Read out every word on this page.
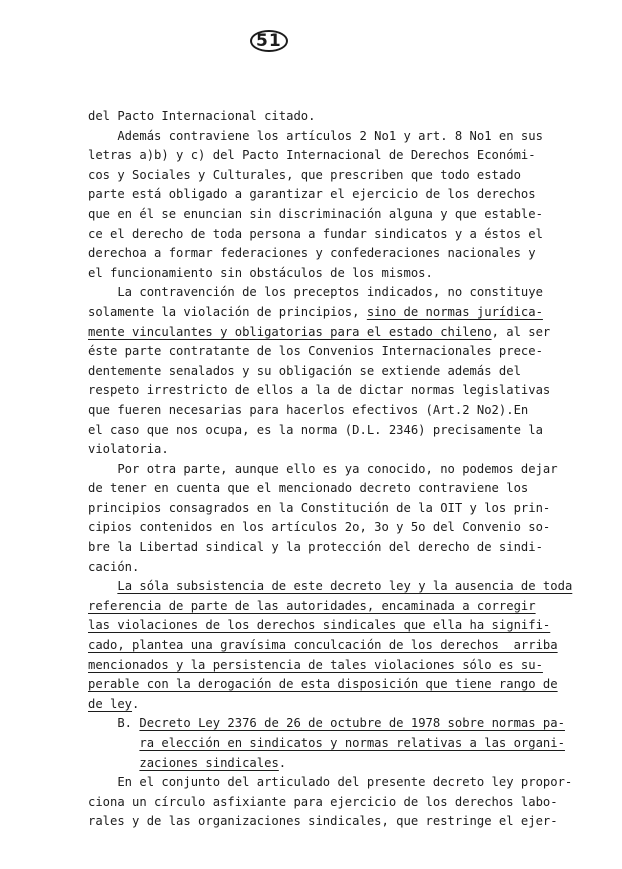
51
del Pacto Internacional citado.
Además contraviene los artículos 2 No1 y art. 8 No1 en sus
letras a)b) y c) del Pacto Internacional de Derechos Económi-
cos y Sociales y Culturales, que prescriben que todo estado
parte está obligado a garantizar el ejercicio de los derechos
que en él se enuncian sin discriminación alguna y que estable-
ce el derecho de toda persona a fundar sindicatos y a éstos el
derechoa a formar federaciones y confederaciones nacionales y
el funcionamiento sin obstáculos de los mismos.
La contravención de los preceptos indicados, no constituye
solamente la violación de principios, sino de normas jurídica-
mente vinculantes y obligatorias para el estado chileno, al ser
éste parte contratante de los Convenios Internacionales prece-
dentemente senalados y su obligación se extiende además del
respeto irrestricto de ellos a la de dictar normas legislativas
que fueren necesarias para hacerlos efectivos (Art.2 No2).En
el caso que nos ocupa, es la norma (D.L. 2346) precisamente la
violatoria.
Por otra parte, aunque ello es ya conocido, no podemos dejar
de tener en cuenta que el mencionado decreto contraviene los
principios consagrados en la Constitución de la OIT y los prin-
cipios contenidos en los artículos 2o, 3o y 5o del Convenio so-
bre la Libertad sindical y la protección del derecho de sindi-
cación.
La sóla subsistencia de este decreto ley y la ausencia de toda
referencia de parte de las autoridades, encaminada a corregir
las violaciones de los derechos sindicales que ella ha signifi-
cado, plantea una gravísima conculcación de los derechos  arriba
mencionados y la persistencia de tales violaciones sólo es su-
perable con la derogación de esta disposición que tiene rango de
de ley.
B. Decreto Ley 2376 de 26 de octubre de 1978 sobre normas pa-
ra elección en sindicatos y normas relativas a las organi-
zaciones sindicales.
En el conjunto del articulado del presente decreto ley propor-
ciona un círculo asfixiante para ejercicio de los derechos labo-
rales y de las organizaciones sindicales, que restringe el ejer-
